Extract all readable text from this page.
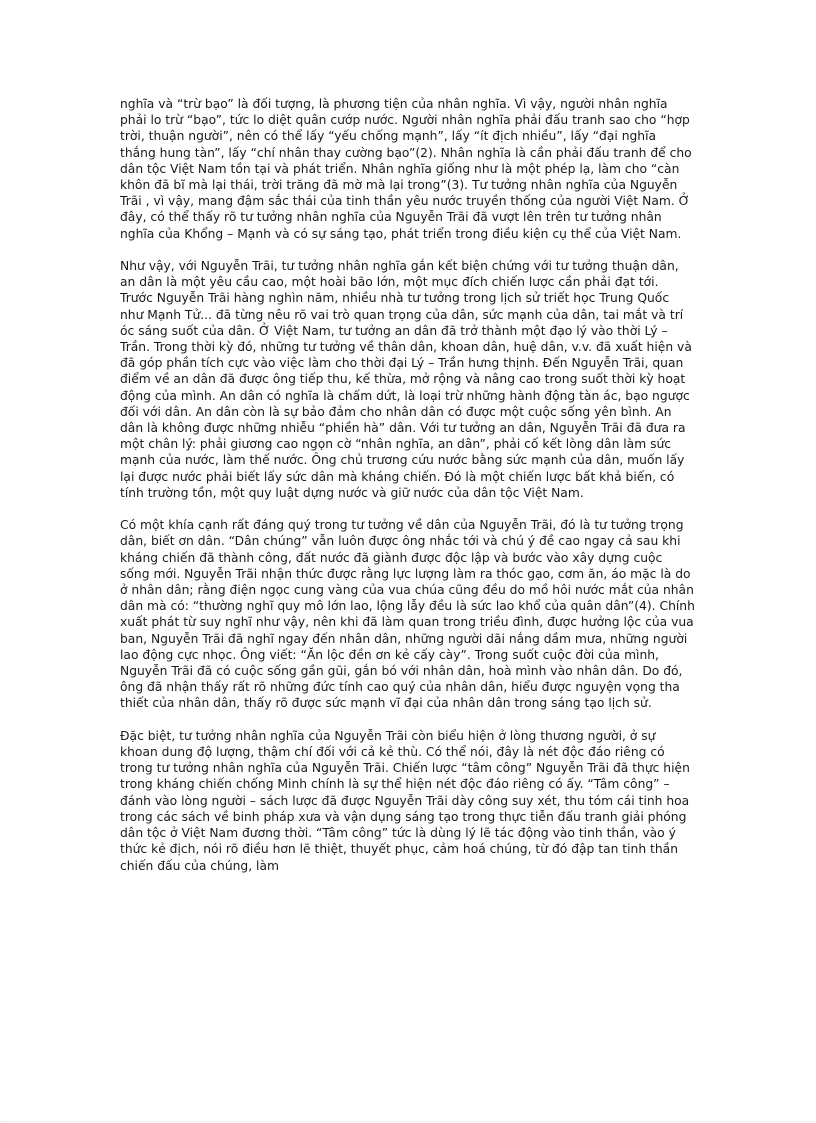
nghĩa và “trừ bạo” là đối tượng, là phương tiện của nhân nghĩa. Vì vậy, người nhân nghĩa phải lo trừ “bạo”, tức lo diệt quân cướp nước. Người nhân nghĩa phải đấu tranh sao cho “hợp trời, thuận người”, nên có thể lấy “yếu chống mạnh”, lấy “ít địch nhiều”, lấy “đại nghĩa thắng hung tàn”, lấy “chí nhân thay cường bạo”(2). Nhân nghĩa là cần phải đấu tranh để cho dân tộc Việt Nam tồn tại và phát triển. Nhân nghĩa giống như là một phép lạ, làm cho “càn khôn đã bĩ mà lại thái, trời trăng đã mờ mà lại trong”(3). Tư tưởng nhân nghĩa của Nguyễn Trãi , vì vậy, mang đậm sắc thái của tinh thần yêu nước truyền thống của người Việt Nam. Ở đây, có thể thấy rõ tư tưởng nhân nghĩa của Nguyễn Trãi đã vượt lên trên tư tưởng nhân nghĩa của Khổng – Mạnh và có sự sáng tạo, phát triển trong điều kiện cụ thể của Việt Nam.

Như vậy, với Nguyễn Trãi, tư tưởng nhân nghĩa gắn kết biện chứng với tư tưởng thuận dân, an dân là một yêu cầu cao, một hoài bão lớn, một mục đích chiến lược cần phải đạt tới. Trước Nguyễn Trãi hàng nghìn năm, nhiều nhà tư tưởng trong lịch sử triết học Trung Quốc như Mạnh Tử... đã từng nêu rõ vai trò quan trọng của dân, sức mạnh của dân, tai mắt và trí óc sáng suốt của dân. Ở Việt Nam, tư tưởng an dân đã trở thành một đạo lý vào thời Lý – Trần. Trong thời kỳ đó, những tư tưởng về thân dân, khoan dân, huệ dân, v.v. đã xuất hiện và đã góp phần tích cực vào việc làm cho thời đại Lý – Trần hưng thịnh. Đến Nguyễn Trãi, quan điểm về an dân đã được ông tiếp thu, kế thừa, mở rộng và nâng cao trong suốt thời kỳ hoạt động của mình. An dân có nghĩa là chấm dứt, là loại trừ những hành động tàn ác, bạo ngược đối với dân. An dân còn là sự bảo đảm cho nhân dân có được một cuộc sống yên bình. An dân là không được những nhiễu “phiền hà” dân. Với tư tưởng an dân, Nguyễn Trãi đã đưa ra một chân lý: phải giương cao ngọn cờ “nhân nghĩa, an dân”, phải cố kết lòng dân làm sức mạnh của nước, làm thế nước. Ông chủ trương cứu nước bằng sức mạnh của dân, muốn lấy lại được nước phải biết lấy sức dân mà kháng chiến. Đó là một chiến lược bất khả biến, có tính trường tồn, một quy luật dựng nước và giữ nước của dân tộc Việt Nam.

Có một khía cạnh rất đáng quý trong tư tưởng về dân của Nguyễn Trãi, đó là tư tưởng trọng dân, biết ơn dân. “Dân chúng” vẫn luôn được ông nhắc tới và chú ý đề cao ngay cả sau khi kháng chiến đã thành công, đất nước đã giành được độc lập và bước vào xây dựng cuộc sống mới. Nguyễn Trãi nhận thức được rằng lực lượng làm ra thóc gạo, cơm ăn, áo mặc là do ở nhân dân; rằng điện ngọc cung vàng của vua chúa cũng đều do mồ hôi nước mắt của nhân dân mà có: “thường nghĩ quy mô lớn lao, lộng lẫy đều là sức lao khổ của quân dân”(4). Chính xuất phát từ suy nghĩ như vậy, nên khi đã làm quan trong triều đình, được hưởng lộc của vua ban, Nguyễn Trãi đã nghĩ ngay đến nhân dân, những người dãi nắng dầm mưa, những người lao động cực nhọc. Ông viết: “Ăn lộc đền ơn kẻ cấy cày”. Trong suốt cuộc đời của mình, Nguyễn Trãi đã có cuộc sống gần gũi, gắn bó với nhân dân, hoà mình vào nhân dân. Do đó, ông đã nhận thấy rất rõ những đức tính cao quý của nhân dân, hiểu được nguyện vọng tha thiết của nhân dân, thấy rõ được sức mạnh vĩ đại của nhân dân trong sáng tạo lịch sử.

Đặc biệt, tư tưởng nhân nghĩa của Nguyễn Trãi còn biểu hiện ở lòng thương người, ở sự khoan dung độ lượng, thậm chí đối với cả kẻ thù. Có thể nói, đây là nét độc đáo riêng có trong tư tưởng nhân nghĩa của Nguyễn Trãi. Chiến lược “tâm công” Nguyễn Trãi đã thực hiện trong kháng chiến chống Minh chính là sự thể hiện nét độc đáo riêng có ấy. “Tâm công” – đánh vào lòng người – sách lược đã được Nguyễn Trãi dày công suy xét, thu tóm cái tinh hoa trong các sách về binh pháp xưa và vận dụng sáng tạo trong thực tiễn đấu tranh giải phóng dân tộc ở Việt Nam đương thời. “Tâm công” tức là dùng lý lẽ tác động vào tinh thần, vào ý thức kẻ địch, nói rõ điều hơn lẽ thiệt, thuyết phục, cảm hoá chúng, từ đó đập tan tinh thần chiến đấu của chúng, làm
